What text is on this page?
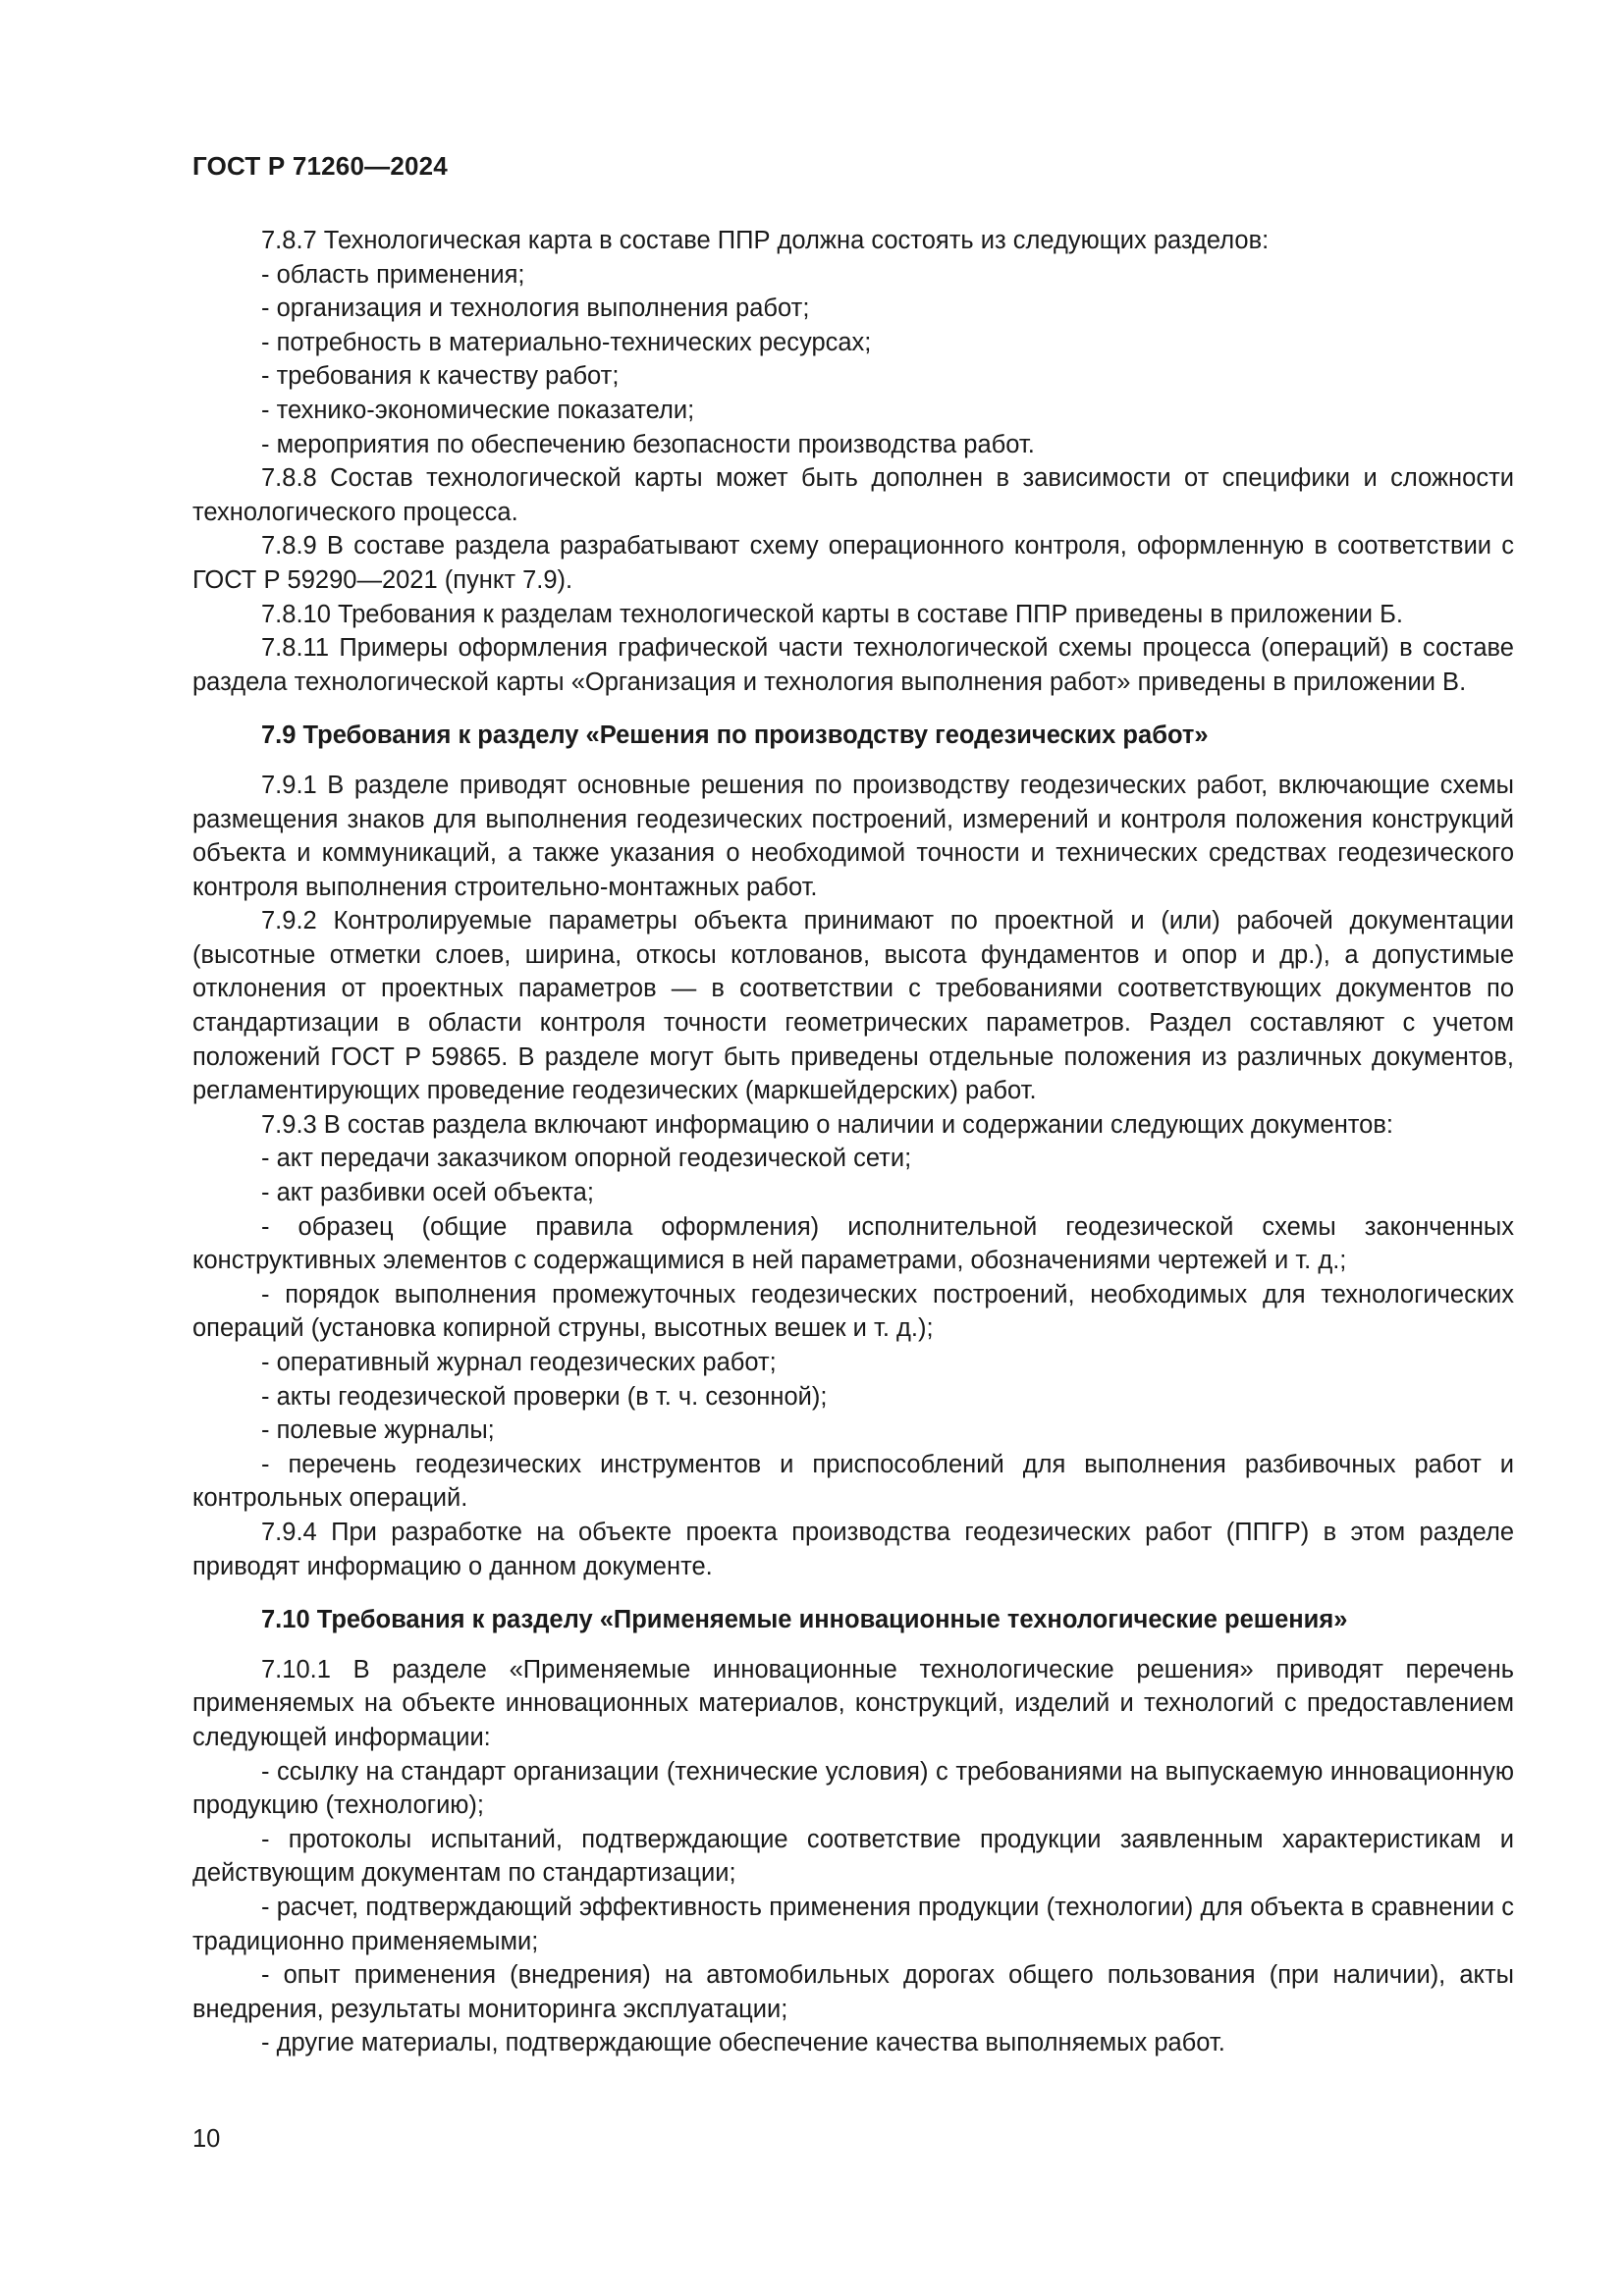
ГОСТ Р 71260—2024

7.8.7 Технологическая карта в составе ППР должна состоять из следующих разделов:

- область применения;

- организация и технология выполнения работ;

- потребность в материально-технических ресурсах;

- требования к качеству работ;

- технико-экономические показатели;

- мероприятия по обеспечению безопасности производства работ.

7.8.8 Состав технологической карты может быть дополнен в зависимости от специфики и сложности технологического процесса.

7.8.9 В составе раздела разрабатывают схему операционного контроля, оформленную в соответствии с ГОСТ Р 59290—2021 (пункт 7.9).

7.8.10 Требования к разделам технологической карты в составе ППР приведены в приложении Б.

7.8.11 Примеры оформления графической части технологической схемы процесса (операций) в составе раздела технологической карты «Организация и технология выполнения работ» приведены в приложении В.

7.9 Требования к разделу «Решения по производству геодезических работ»

7.9.1 В разделе приводят основные решения по производству геодезических работ, включающие схемы размещения знаков для выполнения геодезических построений, измерений и контроля положения конструкций объекта и коммуникаций, а также указания о необходимой точности и технических средствах геодезического контроля выполнения строительно-монтажных работ.

7.9.2 Контролируемые параметры объекта принимают по проектной и (или) рабочей документации (высотные отметки слоев, ширина, откосы котлованов, высота фундаментов и опор и др.), а допустимые отклонения от проектных параметров — в соответствии с требованиями соответствующих документов по стандартизации в области контроля точности геометрических параметров. Раздел составляют с учетом положений ГОСТ Р 59865. В разделе могут быть приведены отдельные положения из различных документов, регламентирующих проведение геодезических (маркшейдерских) работ.

7.9.3 В состав раздела включают информацию о наличии и содержании следующих документов:

- акт передачи заказчиком опорной геодезической сети;

- акт разбивки осей объекта;

- образец (общие правила оформления) исполнительной геодезической схемы законченных конструктивных элементов с содержащимися в ней параметрами, обозначениями чертежей и т. д.;

- порядок выполнения промежуточных геодезических построений, необходимых для технологических операций (установка копирной струны, высотных вешек и т. д.);

- оперативный журнал геодезических работ;

- акты геодезической проверки (в т. ч. сезонной);

- полевые журналы;

- перечень геодезических инструментов и приспособлений для выполнения разбивочных работ и контрольных операций.

7.9.4 При разработке на объекте проекта производства геодезических работ (ППГР) в этом разделе приводят информацию о данном документе.

7.10 Требования к разделу «Применяемые инновационные технологические решения»

7.10.1 В разделе «Применяемые инновационные технологические решения» приводят перечень применяемых на объекте инновационных материалов, конструкций, изделий и технологий с предоставлением следующей информации:

- ссылку на стандарт организации (технические условия) с требованиями на выпускаемую инновационную продукцию (технологию);

- протоколы испытаний, подтверждающие соответствие продукции заявленным характеристикам и действующим документам по стандартизации;

- расчет, подтверждающий эффективность применения продукции (технологии) для объекта в сравнении с традиционно применяемыми;

- опыт применения (внедрения) на автомобильных дорогах общего пользования (при наличии), акты внедрения, результаты мониторинга эксплуатации;

- другие материалы, подтверждающие обеспечение качества выполняемых работ.

10
